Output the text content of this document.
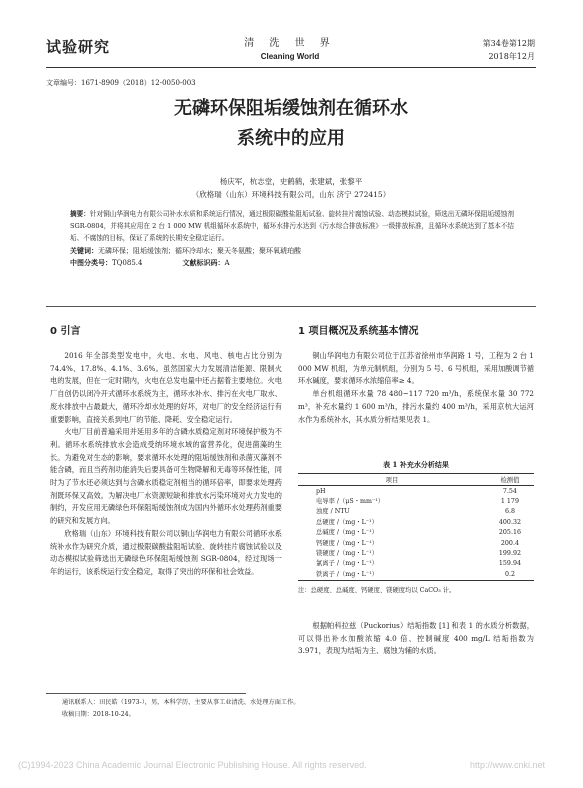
试验研究	清 洗 世 界
Cleaning World
第34卷第12期
2018年12月
文章编号：1671-8909（2018）12-0050-003
无磷环保阻垢缓蚀剂在循环水
系统中的应用
杨庆军，杭志堂，史鹤鹤，张建斌，张黎平
（欣格瑞（山东）环境科技有限公司，山东 济宁 272415）
摘要：针对铜山华润电力有限公司补水水质和系统运行情况，通过极限碳酸盐阻垢试验、旋转挂片腐蚀试验、动态模拟试验，筛选出无磷环保阻垢缓蚀剂 SGR-0804，并将其应用在 2 台 1 000 MW 机组循环水系统中，循环水排污水达到《污水综合排放标准》一级排放标准，且循环水系统达到了基本不结垢、不腐蚀的目标，保证了系统的长期安全稳定运行。
关键词：无磷环保；阻垢缓蚀剂；循环冷却水；聚天冬氨酸；聚环氧琥珀酸
中图分类号：TQ085.4	文献标识码：A
0 引言

2016 年全部类型发电中，火电、水电、风电、核电占比分别为 74.4%、17.8%、4.1%、3.6%。虽然国家大力发展清洁能源、限制火电的发展，但在一定时期内，火电在总发电量中还占据着主要地位。火电厂自创仍以闭冷开式循环水系统为主，循环水补水、排污在火电厂取水、废水排放中占最最大，循环冷却水处理的好坏，对电厂的安全经济运行有重要影响，直接关系到电厂的节能、降耗、安全稳定运行。

火电厂目前普遍采用并延用多年的含磷水质稳定剂对环境保护极为不利。循环水系统排放水会造成受纳环境水域的富营养化，促进菌藻的生长。为避免对生态的影响，要求循环水处理的阻垢缓蚀剂和杀菌灭藻剂不能含磷，而且当药剂功能消失后要具备可生物降解和无毒等环保性能，同时为了节水还必须达到与含磷水质稳定剂相当的循环倍率，即要求处理药剂既环保又高效。为解决电厂水资源短缺和排放水污染环境对火力发电的制约，开发应用无磷绿色环保阻垢缓蚀剂成为国内外循环水处理药剂重要的研究和发展方向。

欣格瑞（山东）环境科技有限公司以铜山华润电力有限公司循环水系统补水作为研究介质，通过极限碳酸盐阻垢试验、旋转挂片腐蚀试验以及动态模拟试验筛选出无磷绿色环保阻垢缓蚀剂 SGR-0804，经过现场一年的运行，该系统运行安全稳定，取得了突出的环保和社会效益。

1 项目概况及系统基本情况

铜山华润电力有限公司位于江苏省徐州市华润路 1 号，工程为 2 台 1 000 MW 机组，为单元制机组，分别为 5 号、6 号机组，采用加酸调节循环水碱度，要求循环水浓缩倍率≥ 4。

单台机组循环水量 78 480~117 720 m³/h，系统保水量 30 772 m³，补充水量约 1 600 m³/h，排污水量约 400 m³/h，采用京杭大运河水作为系统补水，其水质分析结果见表 1。

表 1 补充水分析结果
项目	检测值
pH	7.54
电导率 /（μS・mm⁻¹）	1 179
浊度 / NTU	6.8
总硬度 /（mg・L⁻¹）	400.32
总碱度 /（mg・L⁻¹）	205.16
钙硬度 /（mg・L⁻¹）	200.4
镁硬度 /（mg・L⁻¹）	199.92
氯离子 /（mg・L⁻¹）	159.94
铁离子 /（mg・L⁻¹）	0.2
注：总硬度、总碱度、钙硬度、镁硬度均以 CaCO₃ 计。

根据帕科拉兹（Puckorius）结垢指数 [1] 和表 1 的水质分析数据，可以得出补水加酸浓缩 4.0 倍、控制碱度 400 mg/L 结垢指数为 3.971，表现为结垢为主、腐蚀为辅的水质。

通讯联系人：田民皓（1973-），男，本科学历，主要从事工业清洗、水处理方面工作。
收稿日期：2018-10-24。
(C)1994-2023 China Academic Journal Electronic Publishing House. All rights reserved.	http://www.cnki.net
